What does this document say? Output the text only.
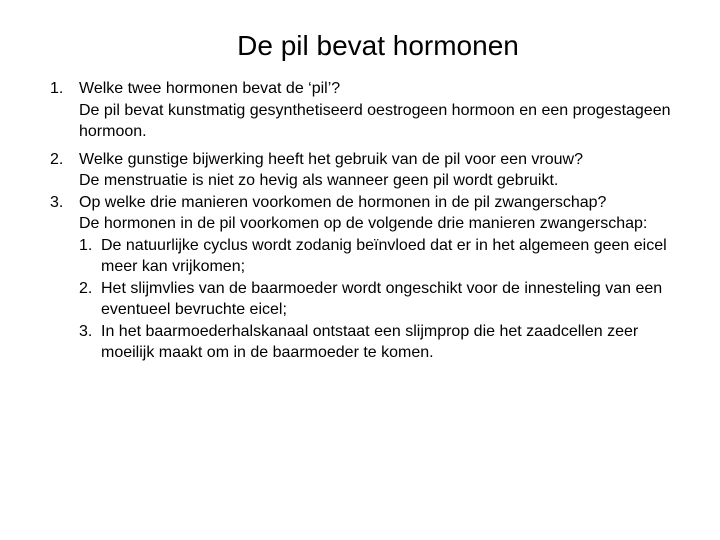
De pil bevat hormonen
1. Welke twee hormonen bevat de ‘pil’?
De pil bevat kunstmatig gesynthetiseerd oestrogeen hormoon en een progestageen hormoon.
2. Welke gunstige bijwerking heeft het gebruik van de pil voor een vrouw?
De menstruatie is niet zo hevig als wanneer geen pil wordt gebruikt.
3. Op welke drie manieren voorkomen de hormonen in de pil zwangerschap?
De hormonen in de pil voorkomen op de volgende drie manieren zwangerschap:
1. De natuurlijke cyclus wordt zodanig beïnvloed dat er in het algemeen geen eicel meer kan vrijkomen;
2. Het slijmvlies van de baarmoeder wordt ongeschikt voor de innesteling van een eventueel bevruchte eicel;
3. In het baarmoederhalskanaal ontstaat een slijmprop die het zaadcellen zeer moeilijk maakt om in de baarmoeder te komen.
